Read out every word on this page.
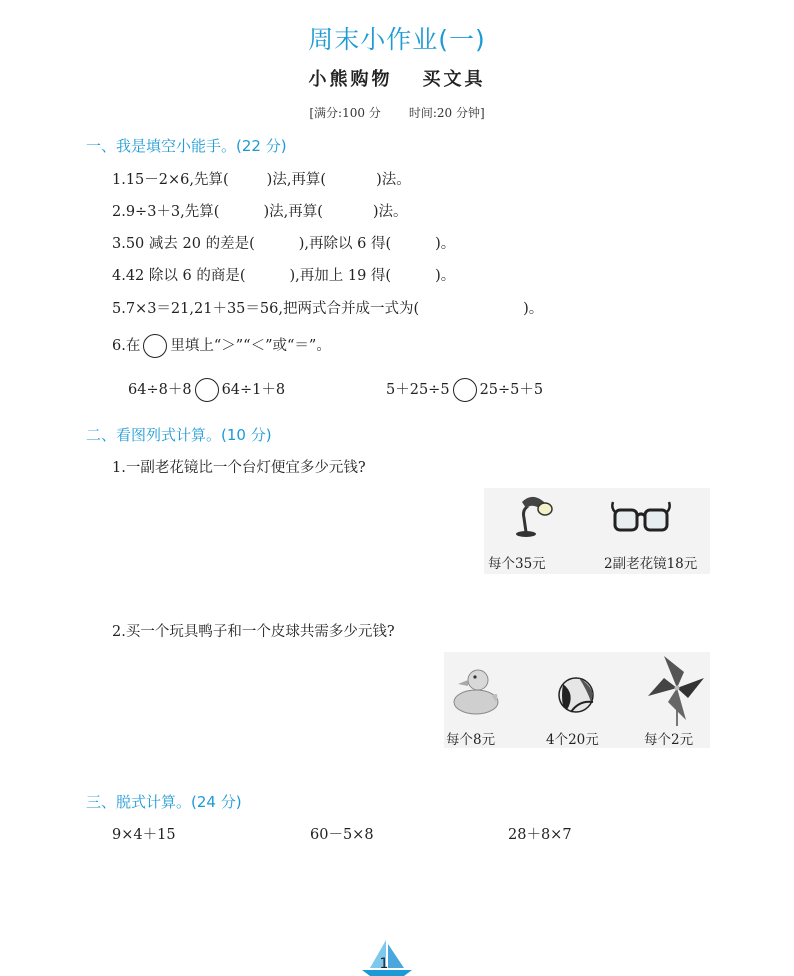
周末小作业(一)
小熊购物 买文具
[满分:100 分 时间:20 分钟]
一、我是填空小能手。(22 分)
1.15－2×6,先算(	)法,再算(	)法。
2.9÷3＋3,先算(	)法,再算(	)法。
3.50 减去 20 的差是(	),再除以 6 得(	)。
4.42 除以 6 的商是(	),再加上 19 得(	)。
5.7×3＝21,21＋35＝56,把两式合并成一式为(	)。
6.在 里填上“＞”“＜”或“＝”。
64÷8＋8 64÷1＋8	5＋25÷5 25÷5＋5
二、看图列式计算。(10 分)
1.一副老花镜比一个台灯便宜多少元钱?
每个35元	2副老花镜18元
2.买一个玩具鸭子和一个皮球共需多少元钱?
每个8元	4个20元	每个2元
三、脱式计算。(24 分)
9×4＋15	60－5×8	28＋8×7
1
